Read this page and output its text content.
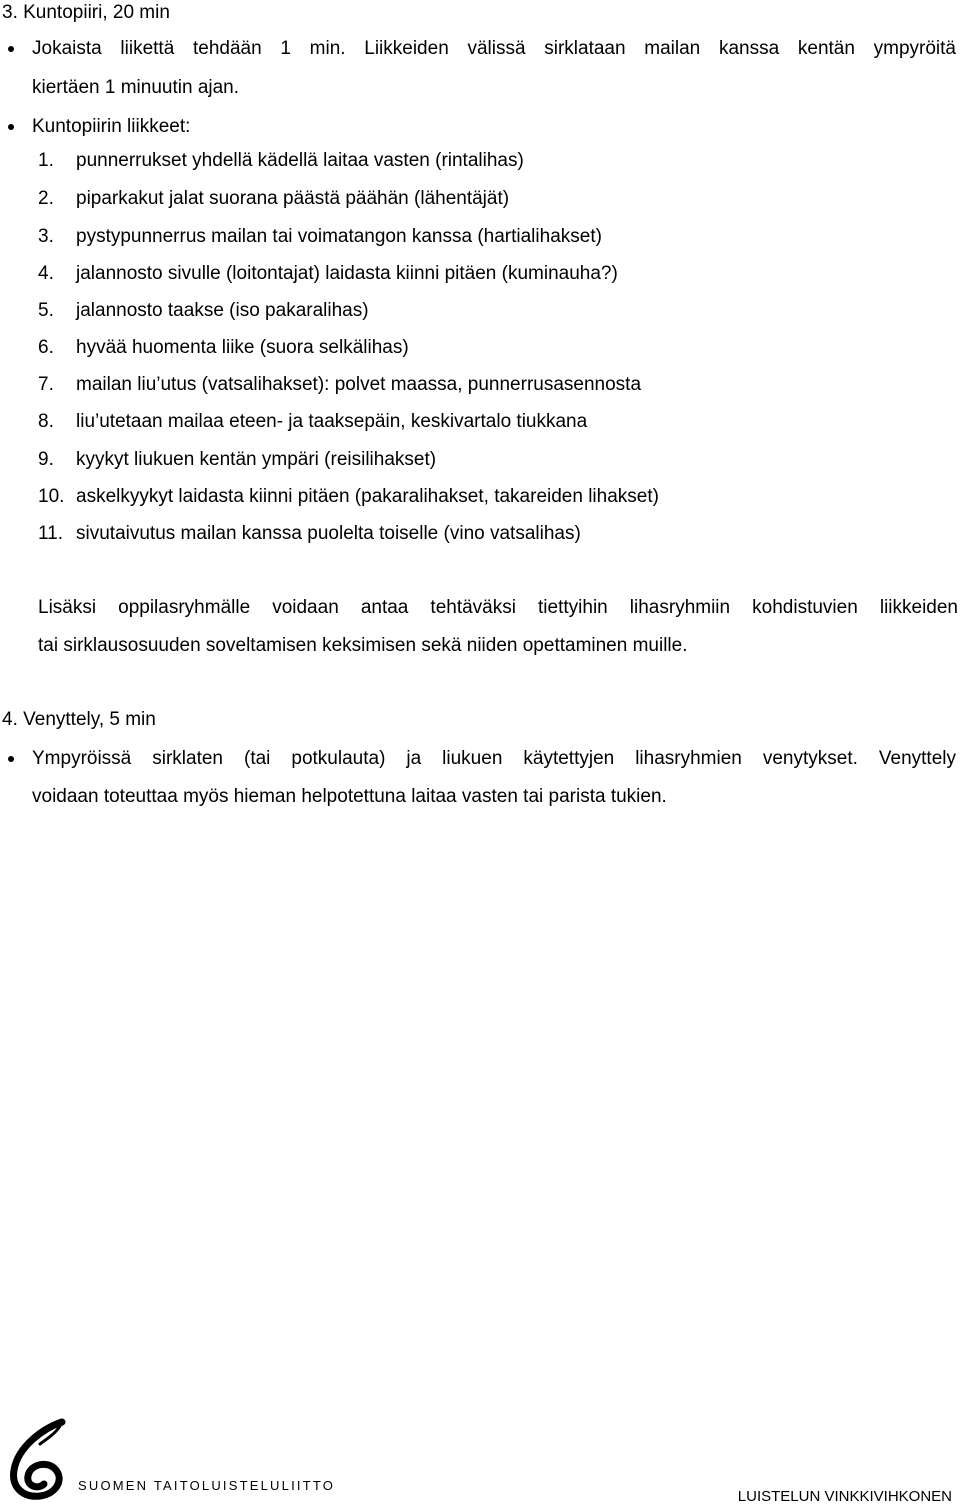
3. Kuntopiiri, 20 min
Jokaista liikettä tehdään 1 min. Liikkeiden välissä sirklataan mailan kanssa kentän ympyröitä
kiertäen 1 minuutin ajan.
Kuntopiirin liikkeet:
1. punnerrukset yhdellä kädellä laitaa vasten (rintalihas)
2. piparkakut jalat suorana päästä päähän (lähentäjät)
3. pystypunnerrus mailan tai voimatangon kanssa (hartialihakset)
4. jalannosto sivulle (loitontajat) laidasta kiinni pitäen (kuminauha?)
5. jalannosto taakse (iso pakaralihas)
6. hyvää huomenta liike (suora selkälihas)
7. mailan liu’utus (vatsalihakset): polvet maassa, punnerrusasennosta
8. liu’utetaan mailaa eteen- ja taaksepäin, keskivartalo tiukkana
9. kyykyt liukuen kentän ympäri (reisilihakset)
10. askelkyykyt laidasta kiinni pitäen (pakaralihakset, takareiden lihakset)
11. sivutaivutus mailan kanssa puolelta toiselle (vino vatsalihas)
Lisäksi oppilasryhmälle voidaan antaa tehtäväksi tiettyihin lihasryhmiin kohdistuvien liikkeiden
tai sirklausosuuden soveltamisen keksimisen sekä niiden opettaminen muille.
4. Venyttely, 5 min
Ympyröissä sirklaten (tai potkulauta) ja liukuen käytettyjen lihasryhmien venytykset. Venyttely
voidaan toteuttaa myös hieman helpotettuna laitaa vasten tai parista tukien.
SUOMEN TAITOLUISTELULIITTO
LUISTELUN VINKKIVIHKONEN
